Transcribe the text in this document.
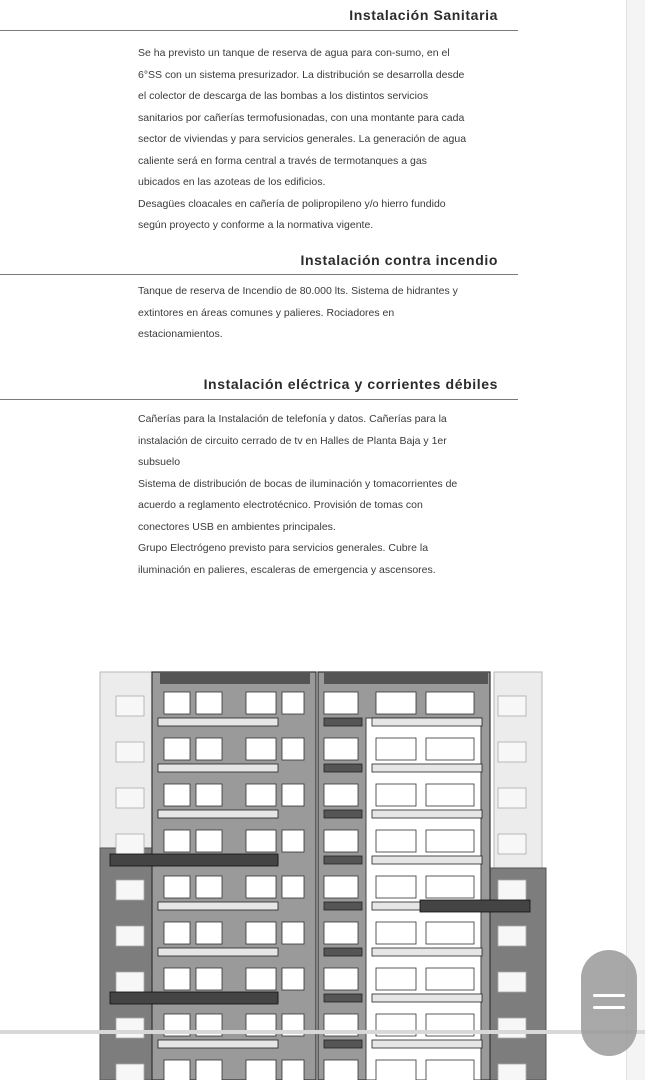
Instalación Sanitaria

Se ha previsto un tanque de reserva de agua para con-sumo, en el

6°SS con un sistema presurizador. La distribución se desarrolla desde

el colector de descarga de las bombas a los distintos servicios

sanitarios por cañerías termofusionadas, con una montante para cada

sector de viviendas y para servicios generales. La generación de agua

caliente será en forma central a través de termotanques a gas

ubicados en las azoteas de los edificios.

Desagües cloacales en cañería de polipropileno y/o hierro fundido

según proyecto y conforme a la normativa vigente.

Instalación contra incendio

Tanque de reserva de Incendio de 80.000 lts. Sistema de hidrantes y

extintores en áreas comunes y palieres. Rociadores en

estacionamientos.

Instalación eléctrica y corrientes débiles

Cañerías para la Instalación de telefonía y datos. Cañerías para la

instalación de circuito cerrado de tv en Halles de Planta Baja y 1er

subsuelo

Sistema de distribución de bocas de iluminación y tomacorrientes de

acuerdo a reglamento electrotécnico. Provisión de tomas con

conectores USB en ambientes principales.

Grupo Electrógeno previsto para servicios generales. Cubre la

iluminación en palieres, escaleras de emergencia y ascensores.
